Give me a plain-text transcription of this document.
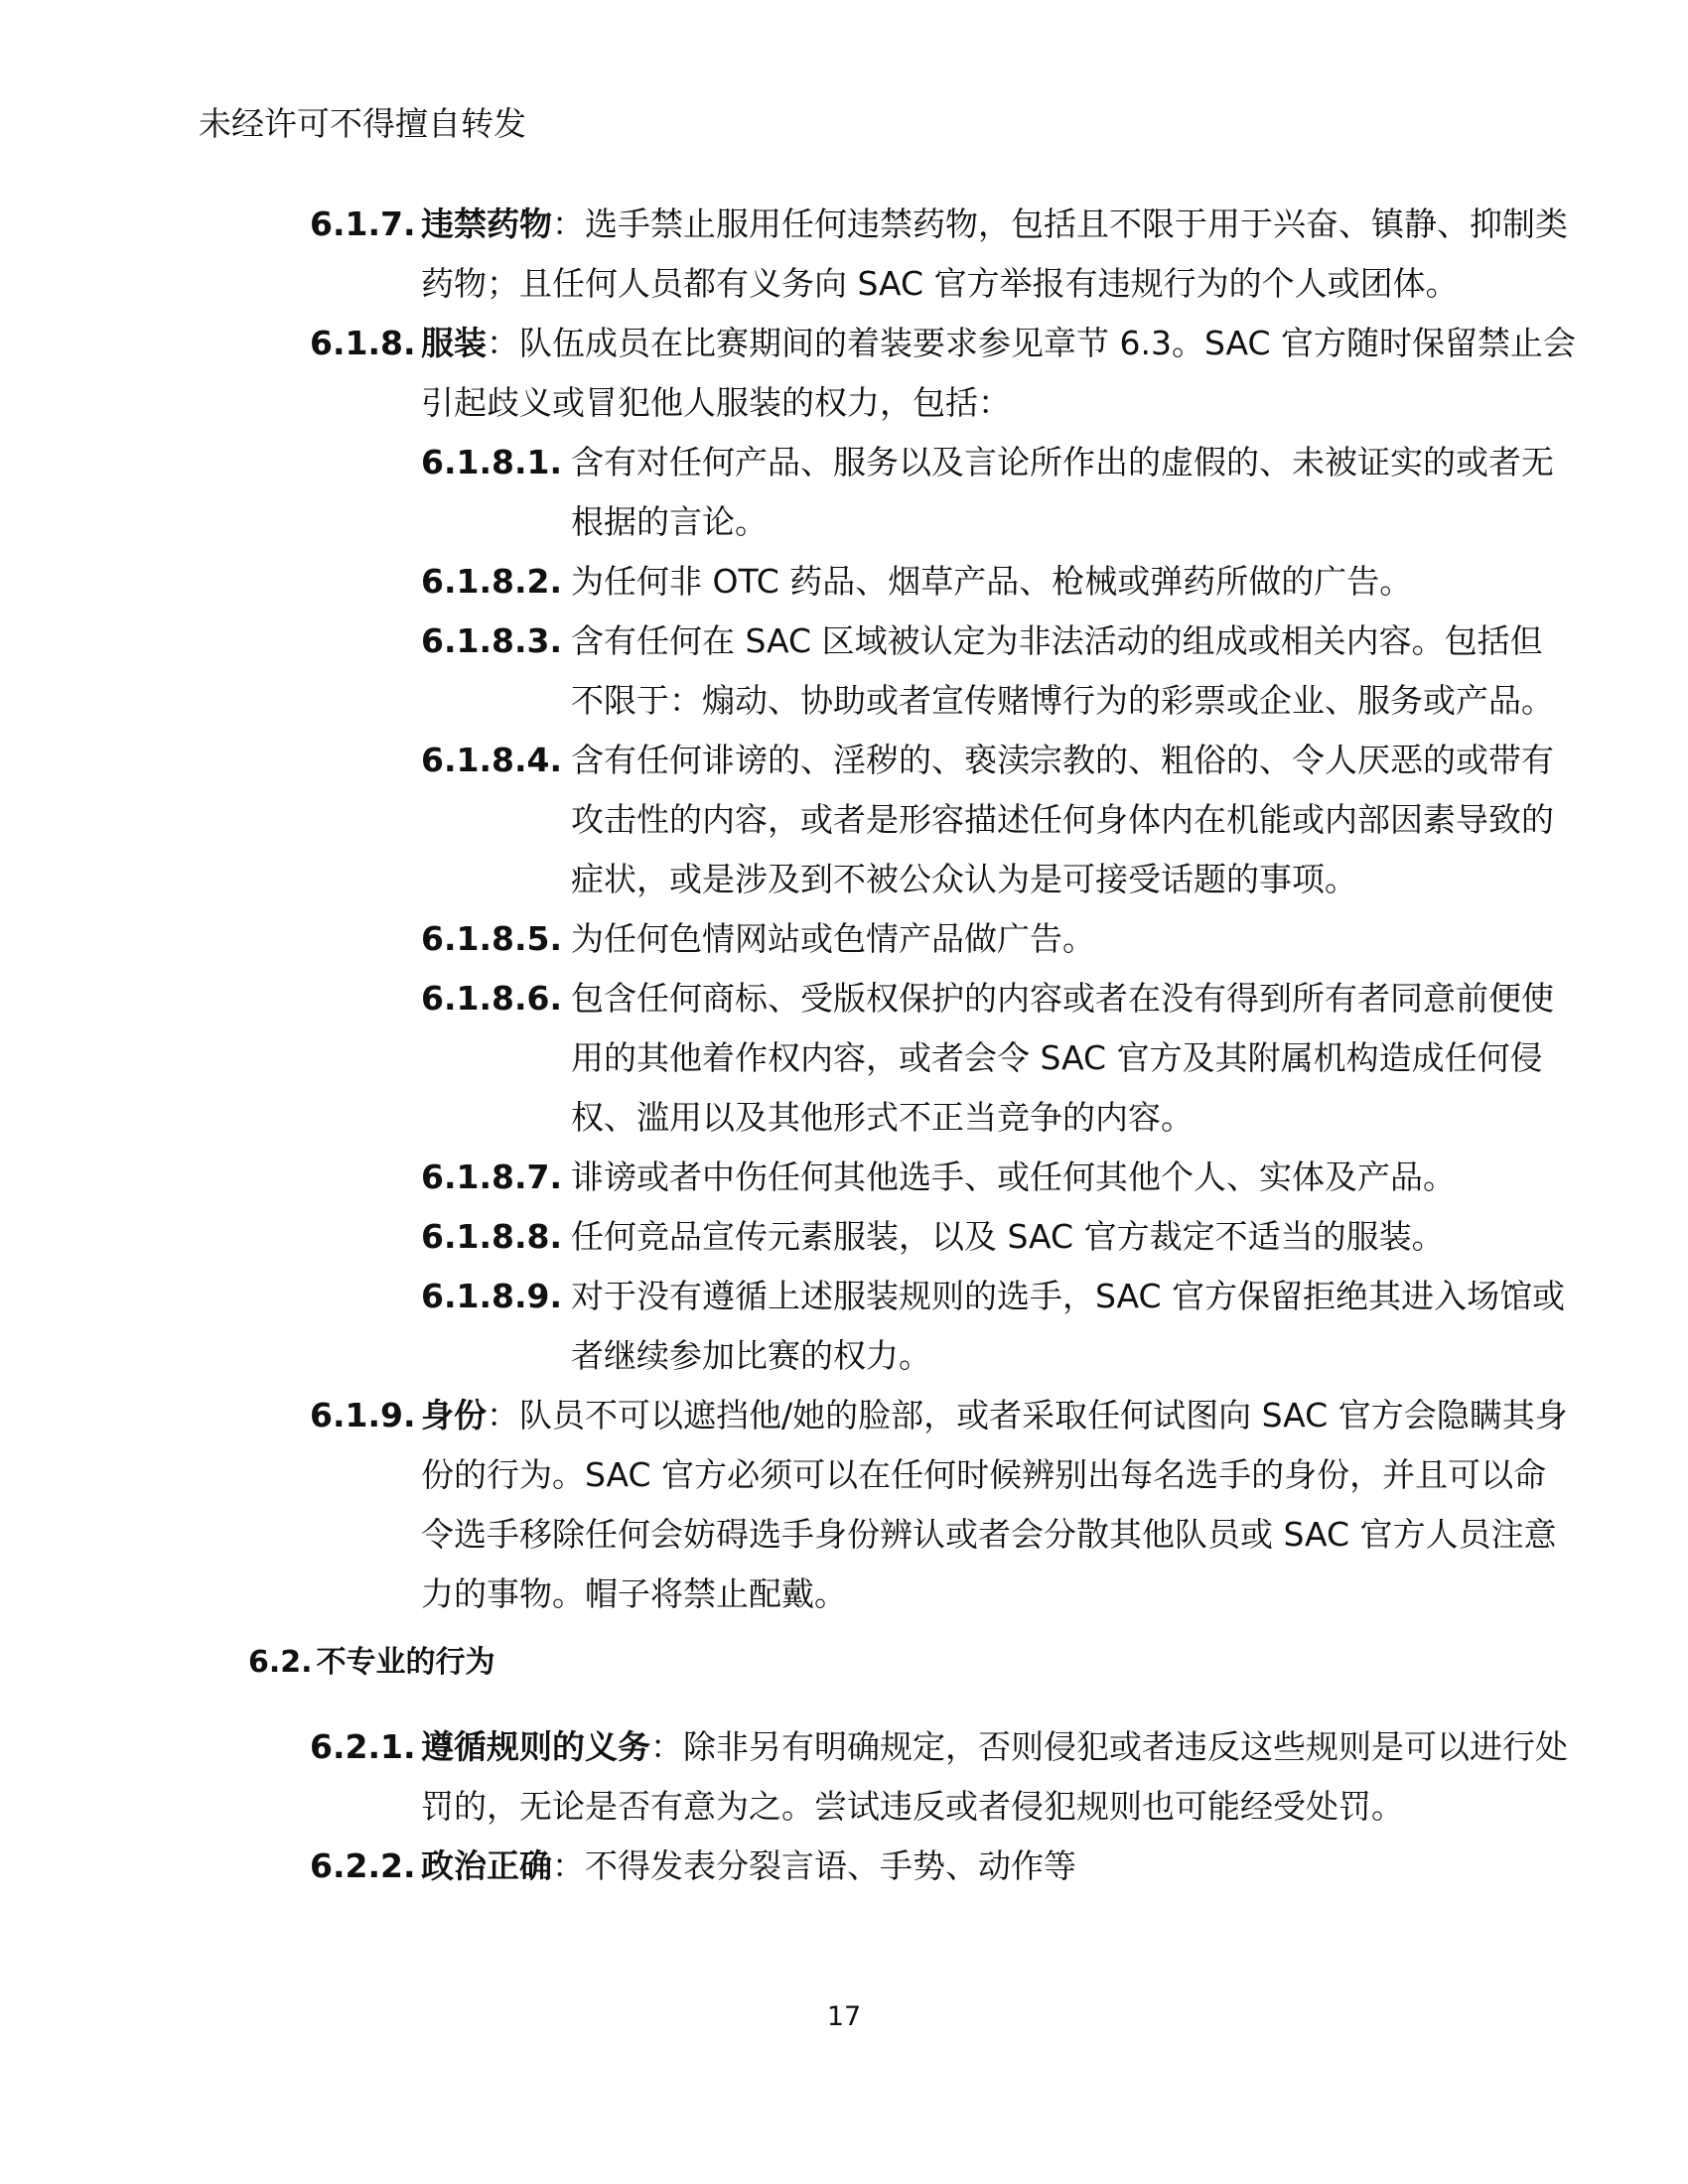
未经许可不得擅自转发
6.1.7. 违禁药物：选手禁止服用任何违禁药物，包括且不限于用于兴奋、镇静、抑制类
药物；且任何人员都有义务向 SAC 官方举报有违规行为的个人或团体。
6.1.8. 服装：队伍成员在比赛期间的着装要求参见章节 6.3。SAC 官方随时保留禁止会
引起歧义或冒犯他人服装的权力，包括：
6.1.8.1. 含有对任何产品、服务以及言论所作出的虚假的、未被证实的或者无
根据的言论。
6.1.8.2. 为任何非 OTC 药品、烟草产品、枪械或弹药所做的广告。
6.1.8.3. 含有任何在 SAC 区域被认定为非法活动的组成或相关内容。包括但
不限于：煽动、协助或者宣传赌博行为的彩票或企业、服务或产品。
6.1.8.4. 含有任何诽谤的、淫秽的、亵渎宗教的、粗俗的、令人厌恶的或带有
攻击性的内容，或者是形容描述任何身体内在机能或内部因素导致的
症状，或是涉及到不被公众认为是可接受话题的事项。
6.1.8.5. 为任何色情网站或色情产品做广告。
6.1.8.6. 包含任何商标、受版权保护的内容或者在没有得到所有者同意前便使
用的其他着作权内容，或者会令 SAC 官方及其附属机构造成任何侵
权、滥用以及其他形式不正当竞争的内容。
6.1.8.7. 诽谤或者中伤任何其他选手、或任何其他个人、实体及产品。
6.1.8.8. 任何竞品宣传元素服装，以及 SAC 官方裁定不适当的服装。
6.1.8.9. 对于没有遵循上述服装规则的选手，SAC 官方保留拒绝其进入场馆或
者继续参加比赛的权力。
6.1.9. 身份：队员不可以遮挡他/她的脸部，或者采取任何试图向 SAC 官方会隐瞒其身
份的行为。SAC 官方必须可以在任何时候辨别出每名选手的身份，并且可以命
令选手移除任何会妨碍选手身份辨认或者会分散其他队员或 SAC 官方人员注意
力的事物。帽子将禁止配戴。
6.2. 不专业的行为
6.2.1. 遵循规则的义务：除非另有明确规定，否则侵犯或者违反这些规则是可以进行处
罚的，无论是否有意为之。尝试违反或者侵犯规则也可能经受处罚。
6.2.2. 政治正确：不得发表分裂言语、手势、动作等
17
